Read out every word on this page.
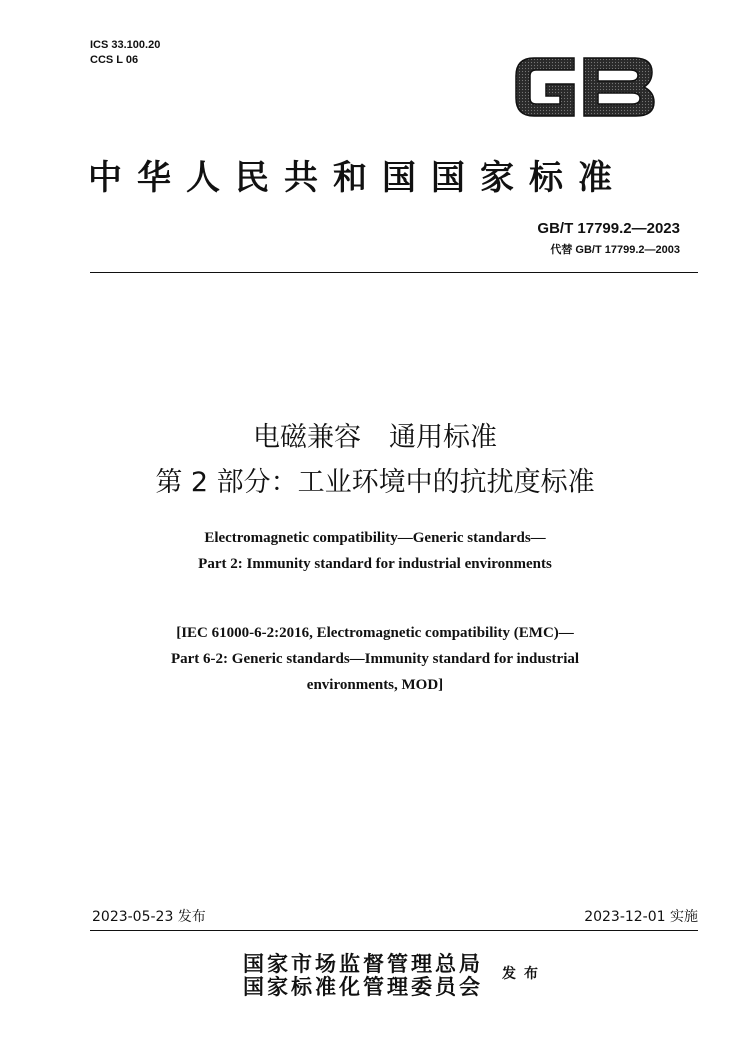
ICS 33.100.20
CCS L 06
中华人民共和国国家标准
GB/T 17799.2—2023
代替 GB/T 17799.2—2003
电磁兼容 通用标准
第 2 部分：工业环境中的抗扰度标准
Electromagnetic compatibility—Generic standards—
Part 2: Immunity standard for industrial environments
[IEC 61000-6-2:2016, Electromagnetic compatibility (EMC)—
Part 6-2: Generic standards—Immunity standard for industrial
environments, MOD]
2023-05-23 发布	2023-12-01 实施
国家市场监督管理总局
国家标准化管理委员会 发布
